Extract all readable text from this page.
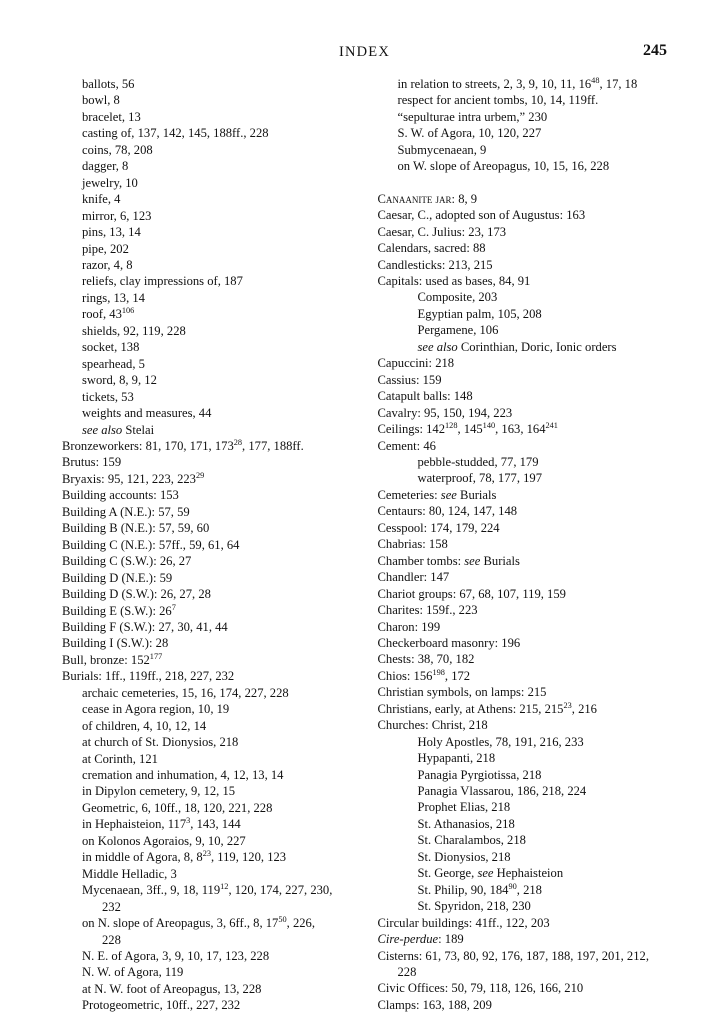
INDEX	245
ballots, 56
bowl, 8
bracelet, 13
casting of, 137, 142, 145, 188ff., 228
coins, 78, 208
dagger, 8
jewelry, 10
knife, 4
mirror, 6, 123
pins, 13, 14
pipe, 202
razor, 4, 8
reliefs, clay impressions of, 187
rings, 13, 14
roof, $43^{106}$
shields, 92, 119, 228
socket, 138
spearhead, 5
sword, 8, 9, 12
tickets, 53
weights and measures, 44
see also Stelai
Bronzeworkers: 81, 170, 171, $173^{28}$, 177, 188ff.
Brutus: 159
Bryaxis: 95, 121, 223, $223^{29}$
Building accounts: 153
Building A (N.E.): 57, 59
Building B (N.E.): 57, 59, 60
Building C (N.E.): 57ff., 59, 61, 64
Building C (S.W.): 26, 27
Building D (N.E.): 59
Building D (S.W.): 26, 27, 28
Building E (S.W.): $26^7$
Building F (S.W.): 27, 30, 41, 44
Building I (S.W.): 28
Bull, bronze: $152^{177}$
Burials: 1ff., 119ff., 218, 227, 232
archaic cemeteries, 15, 16, 174, 227, 228
cease in Agora region, 10, 19
of children, 4, 10, 12, 14
at church of St. Dionysios, 218
at Corinth, 121
cremation and inhumation, 4, 12, 13, 14
in Dipylon cemetery, 9, 12, 15
Geometric, 6, 10ff., 18, 120, 221, 228
in Hephaisteion, $117^3$, 143, 144
on Kolonos Agoraios, 9, 10, 227
in middle of Agora, 8, $8^{23}$, 119, 120, 123
Middle Helladic, 3
Mycenaean, 3ff., 9, 18, $119^{12}$, 120, 174, 227, 230,
232
on N. slope of Areopagus, 3, 6ff., 8, $17^{50}$, 226,
228
N. E. of Agora, 3, 9, 10, 17, 123, 228
N. W. of Agora, 119
at N. W. foot of Areopagus, 13, 228
Protogeometric, 10ff., 227, 232
in relation to streets, 2, 3, 9, 10, 11, $16^{48}$, 17, 18
respect for ancient tombs, 10, 14, 119ff.
“sepulturae intra urbem,” 230
S. W. of Agora, 10, 120, 227
Submycenaean, 9
on W. slope of Areopagus, 10, 15, 16, 228
Canaanite jar: 8, 9
Caesar, C., adopted son of Augustus: 163
Caesar, C. Julius: 23, 173
Calendars, sacred: 88
Candlesticks: 213, 215
Capitals: used as bases, 84, 91
Composite, 203
Egyptian palm, 105, 208
Pergamene, 106
see also Corinthian, Doric, Ionic orders
Capuccini: 218
Cassius: 159
Catapult balls: 148
Cavalry: 95, 150, 194, 223
Ceilings: $142^{128}$, $145^{140}$, 163, $164^{241}$
Cement: 46
pebble-studded, 77, 179
waterproof, 78, 177, 197
Cemeteries: see Burials
Centaurs: 80, 124, 147, 148
Cesspool: 174, 179, 224
Chabrias: 158
Chamber tombs: see Burials
Chandler: 147
Chariot groups: 67, 68, 107, 119, 159
Charites: 159f., 223
Charon: 199
Checkerboard masonry: 196
Chests: 38, 70, 182
Chios: $156^{198}$, 172
Christian symbols, on lamps: 215
Christians, early, at Athens: 215, $215^{23}$, 216
Churches: Christ, 218
Holy Apostles, 78, 191, 216, 233
Hypapanti, 218
Panagia Pyrgiotissa, 218
Panagia Vlassarou, 186, 218, 224
Prophet Elias, 218
St. Athanasios, 218
St. Charalambos, 218
St. Dionysios, 218
St. George, see Hephaisteion
St. Philip, 90, $184^{90}$, 218
St. Spyridon, 218, 230
Circular buildings: 41ff., 122, 203
Cire-perdue: 189
Cisterns: 61, 73, 80, 92, 176, 187, 188, 197, 201, 212,
228
Civic Offices: 50, 79, 118, 126, 166, 210
Clamps: 163, 188, 209
